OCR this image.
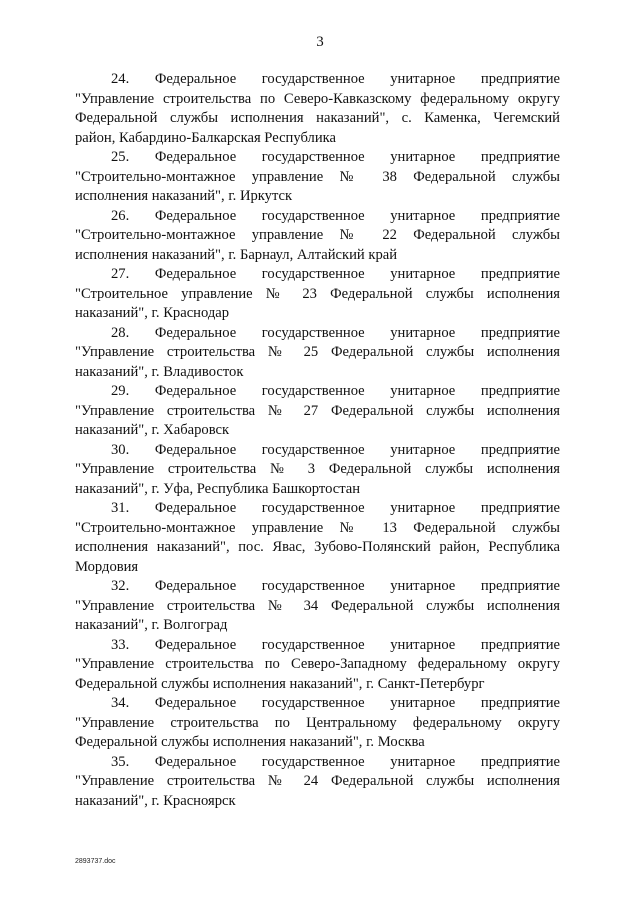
3

24. Федеральное государственное унитарное предприятие
"Управление строительства по Северо-Кавказскому федеральному округу
Федеральной службы исполнения наказаний", с. Каменка, Чегемский
район, Кабардино-Балкарская Республика

25. Федеральное государственное унитарное предприятие
"Строительно-монтажное управление № 38 Федеральной службы
исполнения наказаний", г. Иркутск

26. Федеральное государственное унитарное предприятие
"Строительно-монтажное управление № 22 Федеральной службы
исполнения наказаний", г. Барнаул, Алтайский край

27. Федеральное государственное унитарное предприятие
"Строительное управление № 23 Федеральной службы исполнения
наказаний", г. Краснодар

28. Федеральное государственное унитарное предприятие
"Управление строительства № 25 Федеральной службы исполнения
наказаний", г. Владивосток

29. Федеральное государственное унитарное предприятие
"Управление строительства № 27 Федеральной службы исполнения
наказаний", г. Хабаровск

30. Федеральное государственное унитарное предприятие
"Управление строительства № 3 Федеральной службы исполнения
наказаний", г. Уфа, Республика Башкортостан

31. Федеральное государственное унитарное предприятие
"Строительно-монтажное управление № 13 Федеральной службы
исполнения наказаний", пос. Явас, Зубово-Полянский район, Республика
Мордовия

32. Федеральное государственное унитарное предприятие
"Управление строительства № 34 Федеральной службы исполнения
наказаний", г. Волгоград

33. Федеральное государственное унитарное предприятие
"Управление строительства по Северо-Западному федеральному округу
Федеральной службы исполнения наказаний", г. Санкт-Петербург

34. Федеральное государственное унитарное предприятие
"Управление строительства по Центральному федеральному округу
Федеральной службы исполнения наказаний", г. Москва

35. Федеральное государственное унитарное предприятие
"Управление строительства № 24 Федеральной службы исполнения
наказаний", г. Красноярск

2893737.doc
